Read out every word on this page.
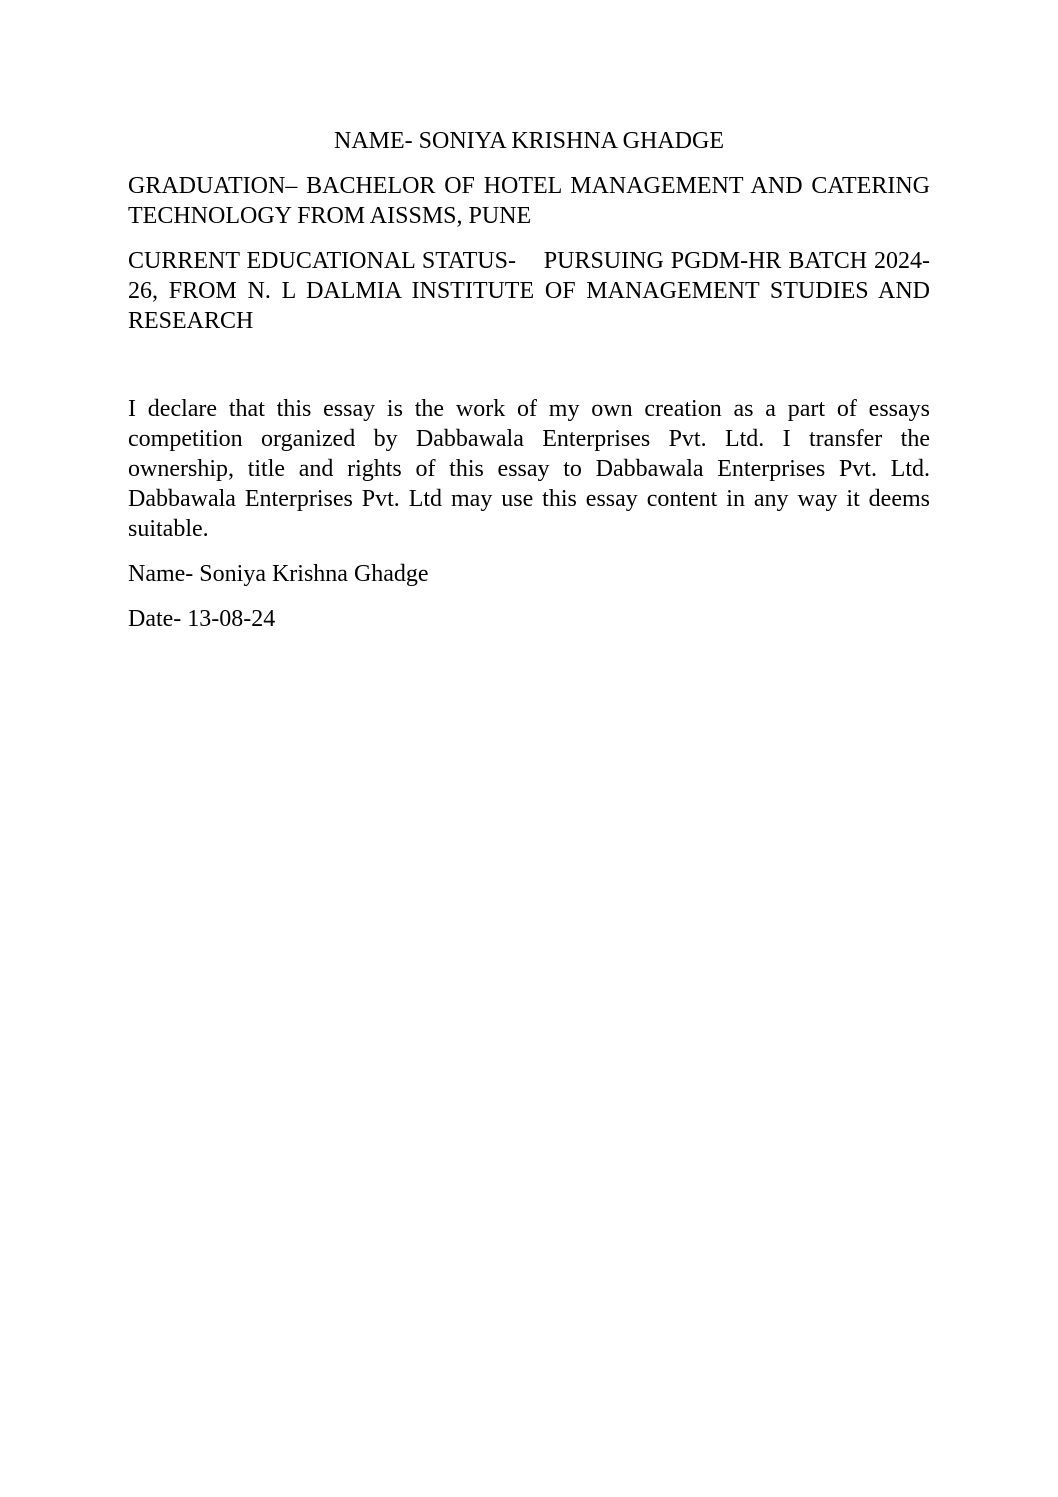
NAME- SONIYA KRISHNA GHADGE

GRADUATION– BACHELOR OF HOTEL MANAGEMENT AND CATERING TECHNOLOGY FROM AISSMS, PUNE

CURRENT EDUCATIONAL STATUS-    PURSUING PGDM-HR BATCH 2024-26, FROM N. L DALMIA INSTITUTE OF MANAGEMENT STUDIES AND RESEARCH

I declare that this essay is the work of my own creation as a part of essays competition organized by Dabbawala Enterprises Pvt. Ltd. I transfer the ownership, title and rights of this essay to Dabbawala Enterprises Pvt. Ltd. Dabbawala Enterprises Pvt. Ltd may use this essay content in any way it deems suitable.

Name- Soniya Krishna Ghadge

Date- 13-08-24
